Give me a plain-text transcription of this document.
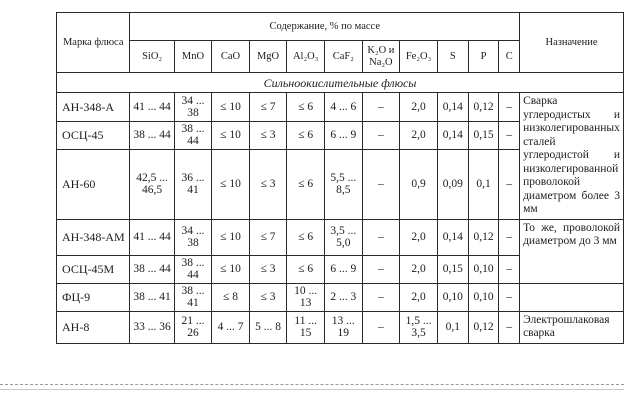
Марка флюса	Содержание, % по массе											Назначение
	SiO₂	MnO	CaO	MgO	Al₂O₃	CaF₂	K₂O и Na₂O	Fe₂O₃	S	P	C	
Сильноокислительные флюсы												
АН-348-А	41 ... 44	34 ... 38	≤ 10	≤ 7	≤ 6	4 ... 6	–	2,0	0,14	0,12	–	Сварка углеродистых и низколегированных сталей углеродистой и низколегированной проволокой диаметром более 3 мм
ОСЦ-45	38 ... 44	38 ... 44	≤ 10	≤ 3	≤ 6	6 ... 9	–	2,0	0,14	0,15	–	
АН-60	42,5 ... 46,5	36 ... 41	≤ 10	≤ 3	≤ 6	5,5 ... 8,5	–	0,9	0,09	0,1	–	
АН-348-АМ	41 ... 44	34 ... 38	≤ 10	≤ 7	≤ 6	3,5 ... 5,0	–	2,0	0,14	0,12	–	То же, проволокой диаметром до 3 мм
ОСЦ-45М	38 ... 44	38 ... 44	≤ 10	≤ 3	≤ 6	6 ... 9	–	2,0	0,15	0,10	–	
ФЦ-9	38 ... 41	38 ... 41	≤ 8	≤ 3	10 ... 13	2 ... 3	–	2,0	0,10	0,10	–	
АН-8	33 ... 36	21 ... 26	4 ... 7	5 ... 8	11 ... 15	13 ... 19	–	1,5 ... 3,5	0,1	0,12	–	Электрошлаковая сварка
